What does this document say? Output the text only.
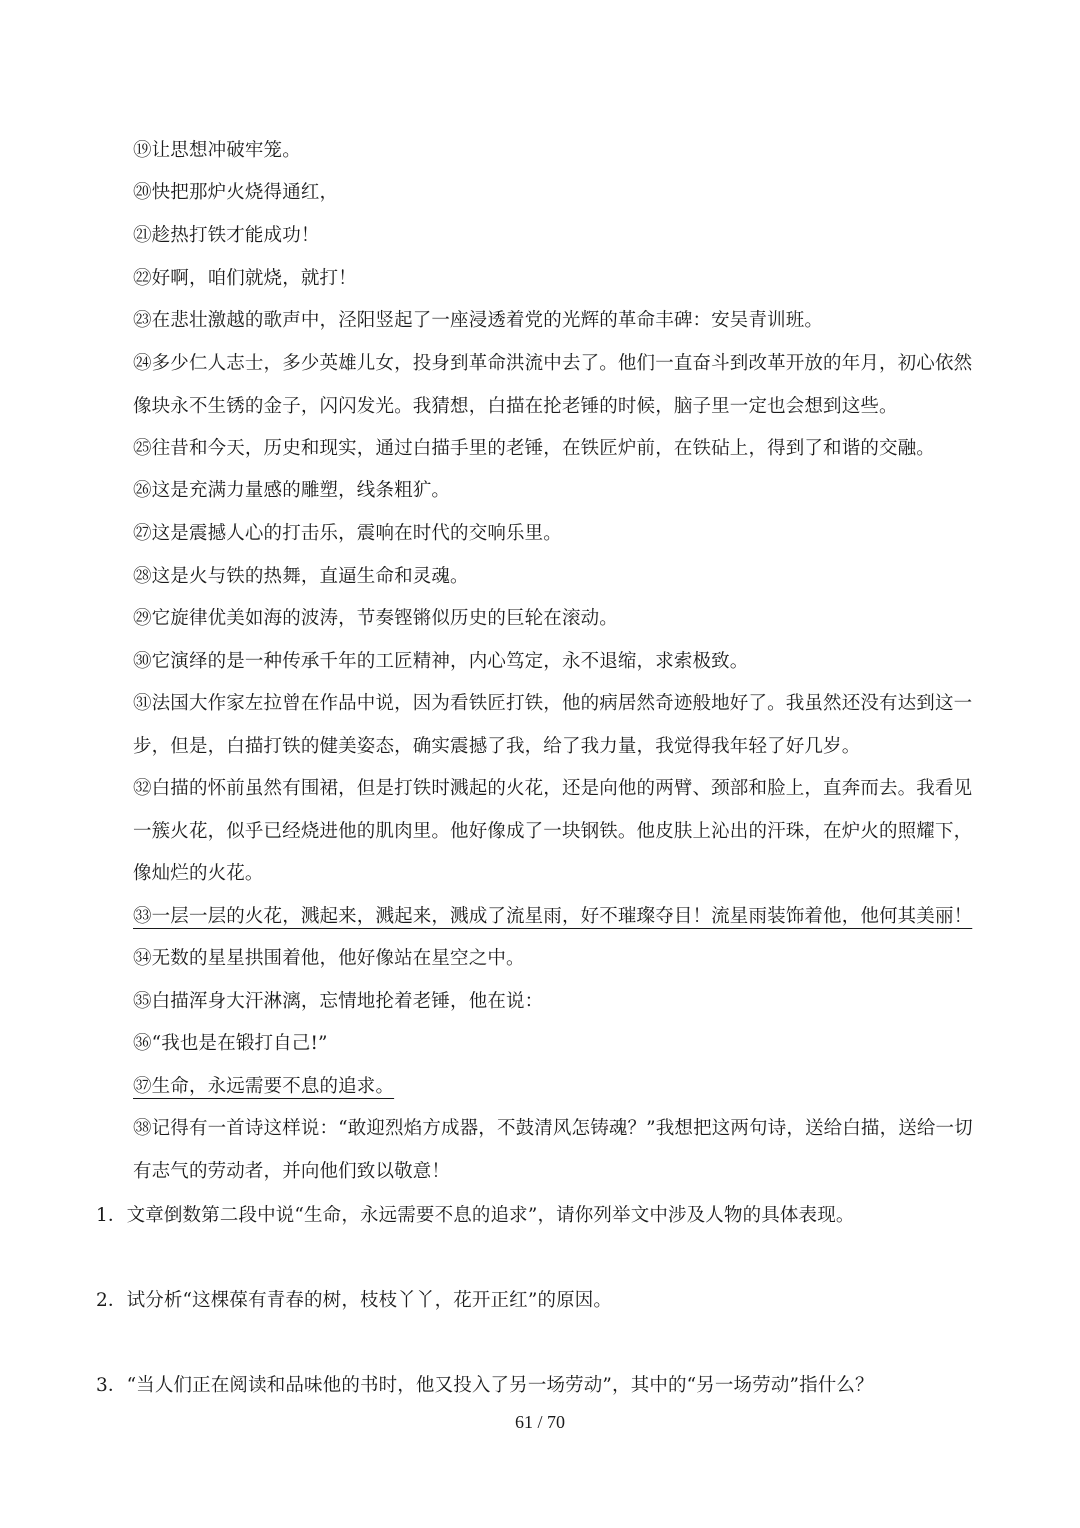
⑲让思想冲破牢笼。

⑳快把那炉火烧得通红，

㉑趁热打铁才能成功！

㉒好啊，咱们就烧，就打！

㉓在悲壮激越的歌声中，泾阳竖起了一座浸透着党的光辉的革命丰碑：安吴青训班。

㉔多少仁人志士，多少英雄儿女，投身到革命洪流中去了。他们一直奋斗到改革开放的年月，初心依然像块永不生锈的金子，闪闪发光。我猜想，白描在抡老锤的时候，脑子里一定也会想到这些。

㉕往昔和今天，历史和现实，通过白描手里的老锤，在铁匠炉前，在铁砧上，得到了和谐的交融。

㉖这是充满力量感的雕塑，线条粗犷。

㉗这是震撼人心的打击乐，震响在时代的交响乐里。

㉘这是火与铁的热舞，直逼生命和灵魂。

㉙它旋律优美如海的波涛，节奏铿锵似历史的巨轮在滚动。

㉚它演绎的是一种传承千年的工匠精神，内心笃定，永不退缩，求索极致。

㉛法国大作家左拉曾在作品中说，因为看铁匠打铁，他的病居然奇迹般地好了。我虽然还没有达到这一步，但是，白描打铁的健美姿态，确实震撼了我，给了我力量，我觉得我年轻了好几岁。

㉜白描的怀前虽然有围裙，但是打铁时溅起的火花，还是向他的两臂、颈部和脸上，直奔而去。我看见一簇火花，似乎已经烧进他的肌肉里。他好像成了一块钢铁。他皮肤上沁出的汗珠，在炉火的照耀下，像灿烂的火花。

㉝一层一层的火花，溅起来，溅起来，溅成了流星雨，好不璀璨夺目！流星雨装饰着他，他何其美丽！

㉞无数的星星拱围着他，他好像站在星空之中。

㉟白描浑身大汗淋漓，忘情地抡着老锤，他在说：

㊱“我也是在锻打自己!”

㊲生命，永远需要不息的追求。

㊳记得有一首诗这样说：“敢迎烈焰方成器，不鼓清风怎铸魂？”我想把这两句诗，送给白描，送给一切有志气的劳动者，并向他们致以敬意！

1．文章倒数第二段中说“生命，永远需要不息的追求”，请你列举文中涉及人物的具体表现。

2．试分析“这棵葆有青春的树，枝枝丫丫，花开正红”的原因。

3．“当人们正在阅读和品味他的书时，他又投入了另一场劳动”，其中的“另一场劳动”指什么？

61 / 70
